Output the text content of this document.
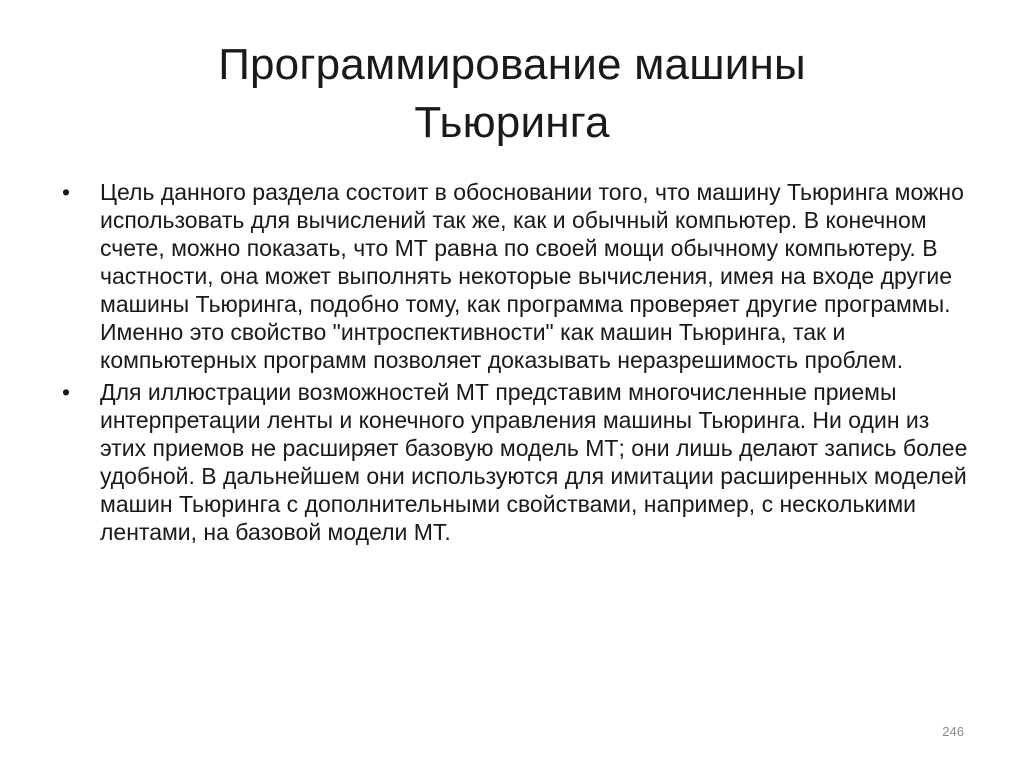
Программирование машины
Тьюринга
• Цель данного раздела состоит в обосновании того, что машину Тьюринга можно использовать для вычислений так же, как и обычный компьютер. В конечном счете, можно показать, что МТ равна по своей мощи обычному компьютеру. В частности, она может выполнять некоторые вычисления, имея на входе другие машины Тьюринга, подобно тому, как программа проверяет другие программы. Именно это свойство "интроспективности" как машин Тьюринга, так и компьютерных программ позволяет доказывать неразрешимость проблем.
• Для иллюстрации возможностей МТ представим многочисленные приемы интерпретации ленты и конечного управления машины Тьюринга. Ни один из этих приемов не расширяет базовую модель МТ; они лишь делают запись более удобной. В дальнейшем они используются для имитации расширенных моделей машин Тьюринга с дополнительными свойствами, например, с несколькими лентами, на базовой модели МТ.
246
